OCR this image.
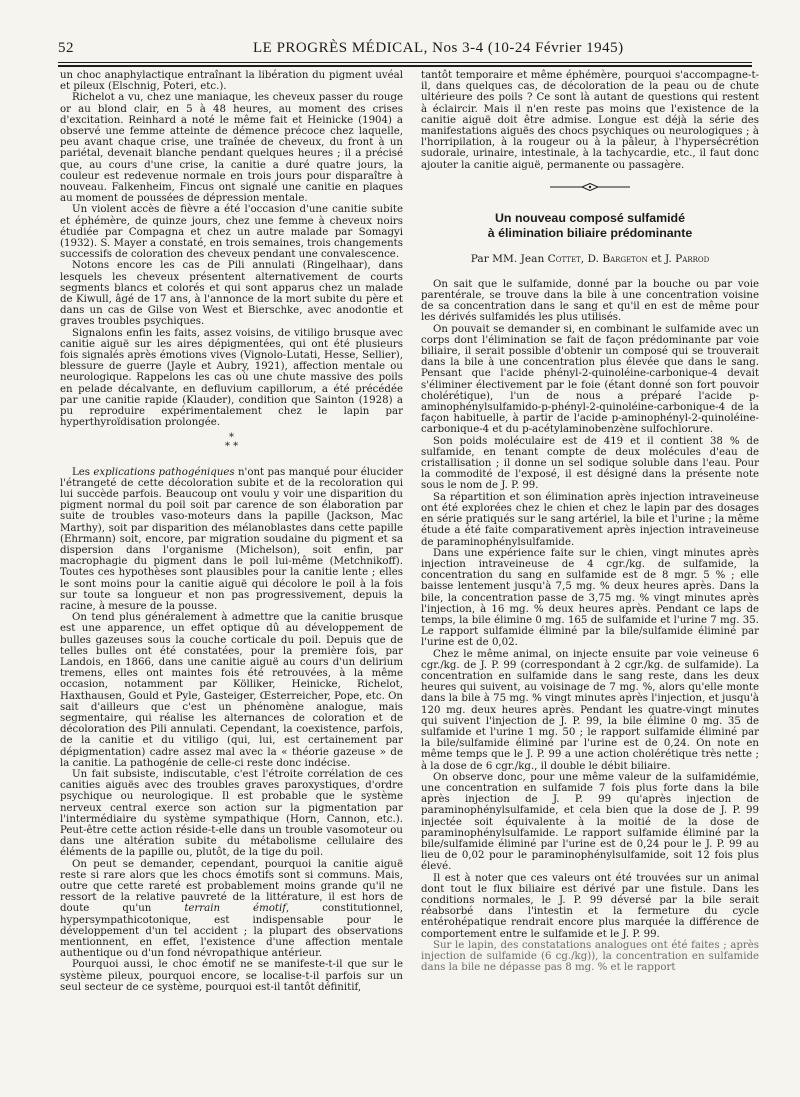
52	LE PROGRÈS MÉDICAL, Nos 3-4 (10-24 Février 1945)

un choc anaphylactique entraînant la libération du pigment uvéal et pileux (Elschnig, Poteri, etc.).

Richelot a vu, chez une maniaque, les cheveux passer du rouge or au blond clair, en 5 à 48 heures, au moment des crises d'excitation. Reinhard a noté le même fait et Heinicke (1904) a observé une femme atteinte de démence précoce chez laquelle, peu avant chaque crise, une traînée de cheveux, du front à un pariétal, devenait blanche pendant quelques heures ; il a précisé que, au cours d'une crise, la canitie a duré quatre jours, la couleur est redevenue normale en trois jours pour disparaître à nouveau. Falkenheim, Fincus ont signalé une canitie en plaques au moment de poussées de dépression mentale.

Un violent accès de fièvre a été l'occasion d'une canitie subite et éphémère, de quinze jours, chez une femme à cheveux noirs étudiée par Compagna et chez un autre malade par Somagyi (1932). S. Mayer a constaté, en trois semaines, trois changements successifs de coloration des cheveux pendant une convalescence.

Notons encore les cas de Pili annulati (Ringelhaar), dans lesquels les cheveux présentent alternativement de courts segments blancs et colorés et qui sont apparus chez un malade de Kiwull, âgé de 17 ans, à l'annonce de la mort subite du père et dans un cas de Gilse von West et Bierschke, avec anodontie et graves troubles psychiques.

Signalons enfin les faits, assez voisins, de vitiligo brusque avec canitie aiguë sur les aires dépigmentées, qui ont été plusieurs fois signalés après émotions vives (Vignolo-Lutati, Hesse, Sellier), blessure de guerre (Jayle et Aubry, 1921), affection mentale ou neurologique. Rappelons les cas où une chute massive des poils en pelade décalvante, en defluvium capillorum, a été précédée par une canitie rapide (Klauder), condition que Sainton (1928) a pu reproduire expérimentalement chez le lapin par hyperthyroïdisation prolongée.

*
* *

Les explications pathogéniques n'ont pas manqué pour élucider l'étrangeté de cette décoloration subite et de la recoloration qui lui succède parfois. Beaucoup ont voulu y voir une disparition du pigment normal du poil soit par carence de son élaboration par suite de troubles vaso-moteurs dans la papille (Jackson, Mac Marthy), soit par disparition des mélanoblastes dans cette papille (Ehrmann) soit, encore, par migration soudaine du pigment et sa dispersion dans l'organisme (Michelson), soit enfin, par macrophagie du pigment dans le poil lui-même (Metchnikoff). Toutes ces hypothèses sont plausibles pour la canitie lente ; elles le sont moins pour la canitie aiguë qui décolore le poil à la fois sur toute sa longueur et non pas progressivement, depuis la racine, à mesure de la pousse.

On tend plus généralement à admettre que la canitie brusque est une apparence, un effet optique dû au développement de bulles gazeuses sous la couche corticale du poil. Depuis que de telles bulles ont été constatées, pour la première fois, par Landois, en 1866, dans une canitie aiguë au cours d'un delirium tremens, elles ont maintes fois été retrouvées, à la même occasion, notamment par Kölliker, Heinicke, Richelot, Haxthausen, Gould et Pyle, Gasteiger, Œsterreicher, Pope, etc. On sait d'ailleurs que c'est un phénomène analogue, mais segmentaire, qui réalise les alternances de coloration et de décoloration des Pili annulati. Cependant, la coexistence, parfois, de la canitie et du vitiligo (qui, lui, est certainement par dépigmentation) cadre assez mal avec la « théorie gazeuse » de la canitie. La pathogénie de celle-ci reste donc indécise.

Un fait subsiste, indiscutable, c'est l'étroite corrélation de ces canities aiguës avec des troubles graves paroxystiques, d'ordre psychique ou neurologique. Il est probable que le système nerveux central exerce son action sur la pigmentation par l'intermédiaire du système sympathique (Horn, Cannon, etc.). Peut-être cette action réside-t-elle dans un trouble vasomoteur ou dans une altération subite du métabolisme cellulaire des éléments de la papille ou, plutôt, de la tige du poil.

On peut se demander, cependant, pourquoi la canitie aiguë reste si rare alors que les chocs émotifs sont si communs. Mais, outre que cette rareté est probablement moins grande qu'il ne ressort de la relative pauvreté de la littérature, il est hors de doute qu'un	terrain émotif, constitutionnel, hypersympathicotonique, est indispensable pour le développement d'un tel accident ; la plupart des observations mentionnent, en effet, l'existence d'une affection mentale authentique ou d'un fond névropathique antérieur.

Pourquoi aussi, le choc émotif ne se manifeste-t-il que sur le système pileux, pourquoi encore, se localise-t-il parfois sur un seul secteur de ce système, pourquoi est-il tantôt définitif,

tantôt temporaire et même éphémère, pourquoi s'accompagne-t-il, dans quelques cas, de décoloration de la peau ou de chute ultérieure des poils ? Ce sont là autant de questions qui restent à éclaircir. Mais il n'en reste pas moins que l'existence de la canitie aiguë doit être admise. Longue est déjà la série des manifestations aiguës des chocs psychiques ou neurologiques ; à l'horripilation, à la rougeur ou à la pâleur, à l'hypersécrétion sudorale, urinaire, intestinale, à la tachycardie, etc., il faut donc ajouter la canitie aiguë, permanente ou passagère.

Un nouveau composé sulfamidé
à élimination biliaire prédominante
Par MM. Jean Cottet, D. Bargeton et J. Parrod

On sait que le sulfamide, donné par la bouche ou par voie parentérale, se trouve dans la bile à une concentration voisine de sa concentration dans le sang et qu'il en est de même pour les dérivés sulfamidés les plus utilisés.

On pouvait se demander si, en combinant le sulfamide avec un corps dont l'élimination se fait de façon prédominante par voie biliaire, il serait possible d'obtenir un composé qui se trouverait dans la bile à une concentration plus élevée que dans le sang. Pensant que l'acide phényl-2-quinoléine-carbonique-4 devait s'éliminer électivement par le foie (étant donné son fort pouvoir cholérétique), l'un de nous a préparé l'acide p-aminophénylsulfamido-p-phényl-2-quinoléine-carbonique-4 de la façon habituelle, à partir de l'acide p-aminophényl-2-quinoléine-carbonique-4 et du p-acétylaminobenzène sulfochlorure.

Son poids moléculaire est de 419 et il contient 38 % de sulfamide, en tenant compte de deux molécules d'eau de cristallisation ; il donne un sel sodique soluble dans l'eau. Pour la commodité de l'exposé, il est désigné dans la présente note sous le nom de J. P. 99.

Sa répartition et son élimination après injection intraveineuse ont été explorées chez le chien et chez le lapin par des dosages en série pratiqués sur le sang artériel, la bile et l'urine ; la même étude a été faite comparativement après injection intraveineuse de paraminophénylsulfamide.

Dans une expérience faite sur le chien, vingt minutes après injection intraveineuse de 4 cgr./kg. de sulfamide, la concentration du sang en sulfamide est de 8 mgr. 5 % ; elle baisse lentement jusqu'à 7,5 mg. % deux heures après. Dans la bile, la concentration passe de 3,75 mg. % vingt minutes après l'injection, à 16 mg. % deux heures après. Pendant ce laps de temps, la bile élimine 0 mg. 165 de sulfamide et l'urine 7 mg. 35. Le rapport sulfamide éliminé par la bile/sulfamide éliminé par l'urine est de 0,02.

Chez le même animal, on injecte ensuite par voie veineuse 6 cgr./kg. de J. P. 99 (correspondant à 2 cgr./kg. de sulfamide). La concentration en sulfamide dans le sang reste, dans les deux heures qui suivent, au voisinage de 7 mg. %, alors qu'elle monte dans la bile à 75 mg. % vingt minutes après l'injection, et jusqu'à 120 mg. deux heures après. Pendant les quatre-vingt minutes qui suivent l'injection de J. P. 99, la bile élimine 0 mg. 35 de sulfamide et l'urine 1 mg. 50 ; le rapport sulfamide éliminé par la bile/sulfamide éliminé par l'urine est de 0,24. On note en même temps que le J. P. 99 a une action cholérétique très nette ; à la dose de 6 cgr./kg., il double le débit biliaire.

On observe donc, pour une même valeur de la sulfamidémie, une concentration en sulfamide 7 fois plus forte dans la bile après injection de J. P. 99 qu'après injection de paraminophénylsulfamide, et cela bien que la dose de J. P. 99 injectée soit équivalente à la moitié de la dose de paraminophénylsulfamide. Le rapport sulfamide éliminé par la bile/sulfamide éliminé par l'urine est de 0,24 pour le J. P. 99 au lieu de 0,02 pour le paraminophénylsulfamide, soit 12 fois plus élevé.

Il est à noter que ces valeurs ont été trouvées sur un animal dont tout le flux biliaire est dérivé par une fistule. Dans les conditions normales, le J. P. 99 déversé par la bile serait réabsorbé dans l'intestin et la fermeture du cycle entérohépatique rendrait encore plus marquée la différence de comportement entre le sulfamide et le J. P. 99.

Sur le lapin, des constatations analogues ont été faites ; après injection de sulfamide (6 cg./kg)), la concentration en sulfamide dans la bile ne dépasse pas 8 mg. % et le rapport
